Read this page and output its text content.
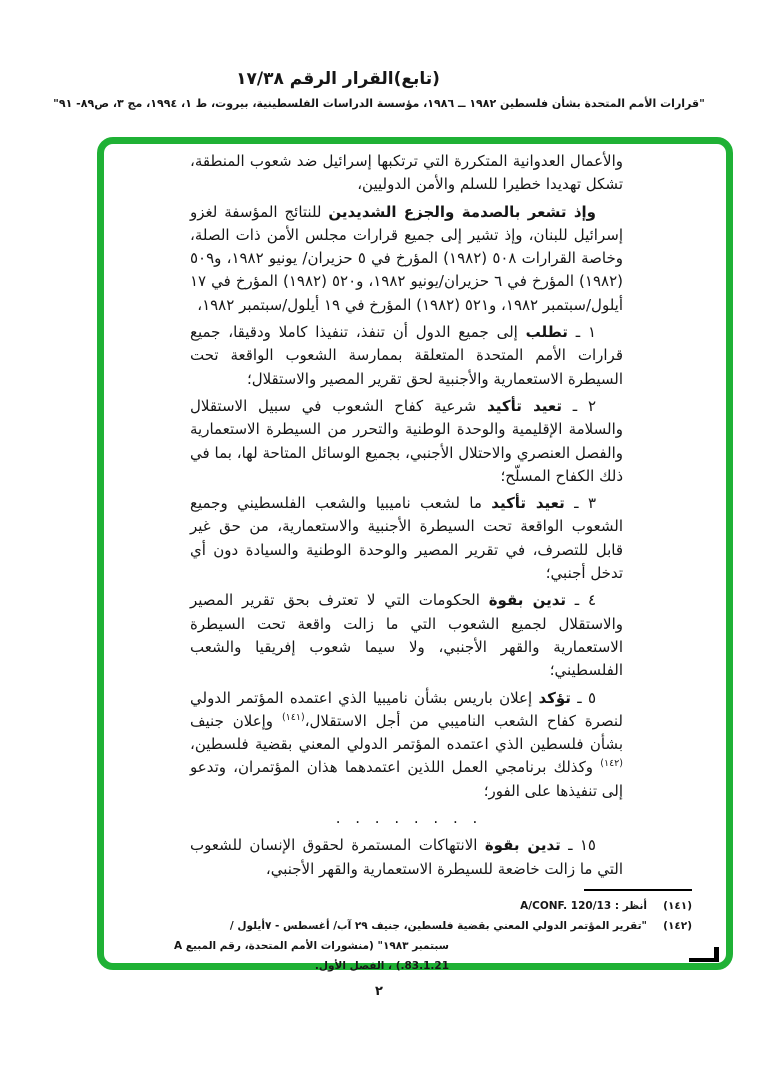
(تابع)القرار الرقم ١٧/٣٨
"قرارات الأمم المتحدة بشأن فلسطين ١٩٨٢ ــ ١٩٨٦، مؤسسة الدراسات الفلسطينية، بيروت، ط ١، ١٩٩٤، مج ٣، ص٨٩- ٩١"
والأعمال العدوانية المتكررة التي ترتكبها إسرائيل ضد شعوب المنطقة، تشكل تهديدا خطيرا للسلم والأمن الدوليين،
وإذ تشعر بالصدمة والجزع الشديدين للنتائج المؤسفة لغزو إسرائيل للبنان، وإذ تشير إلى جميع قرارات مجلس الأمن ذات الصلة، وخاصة القرارات ٥٠٨ (١٩٨٢) المؤرخ في ٥ حزيران/ يونيو ١٩٨٢، و٥٠٩ (١٩٨٢) المؤرخ في ٦ حزيران/يونيو ١٩٨٢، و٥٢٠ (١٩٨٢) المؤرخ في ١٧ أيلول/سبتمبر ١٩٨٢، و٥٢١ (١٩٨٢) المؤرخ في ١٩ أيلول/سبتمبر ١٩٨٢،
١ ـ تطلب إلى جميع الدول أن تنفذ، تنفيذا كاملا ودقيقا، جميع قرارات الأمم المتحدة المتعلقة بممارسة الشعوب الواقعة تحت السيطرة الاستعمارية والأجنبية لحق تقرير المصير والاستقلال؛
٢ ـ تعيد تأكيد شرعية كفاح الشعوب في سبيل الاستقلال والسلامة الإقليمية والوحدة الوطنية والتحرر من السيطرة الاستعمارية والفصل العنصري والاحتلال الأجنبي، بجميع الوسائل المتاحة لها، بما في ذلك الكفاح المسلّح؛
٣ ـ تعيد تأكيد ما لشعب ناميبيا والشعب الفلسطيني وجميع الشعوب الواقعة تحت السيطرة الأجنبية والاستعمارية، من حق غير قابل للتصرف، في تقرير المصير والوحدة الوطنية والسيادة دون أي تدخل أجنبي؛
٤ ـ تدين بقوة الحكومات التي لا تعترف بحق تقرير المصير والاستقلال لجميع الشعوب التي ما زالت واقعة تحت السيطرة الاستعمارية والقهر الأجنبي، ولا سيما شعوب إفريقيا والشعب الفلسطيني؛
٥ ـ تؤكد إعلان باريس بشأن ناميبيا الذي اعتمده المؤتمر الدولي لنصرة كفاح الشعب الناميبي من أجل الاستقلال،$^{(١٤١)}$ وإعلان جنيف بشأن فلسطين الذي اعتمده المؤتمر الدولي المعني بقضية فلسطين،$^{(١٤٢)}$ وكذلك برنامجي العمل اللذين اعتمدهما هذان المؤتمران، وتدعو إلى تنفيذها على الفور؛
. . . . . . . .
١٥ ـ تدين بقوة الانتهاكات المستمرة لحقوق الإنسان للشعوب التي ما زالت خاضعة للسيطرة الاستعمارية والقهر الأجنبي،
(١٤١)
أنظر : A/CONF. 120/13
(١٤٢)
"تقرير المؤتمر الدولي المعني بقضية فلسطين، جنيف ٢٩ آب/ أغسطس - ٧أيلول /
سبتمبر ١٩٨٣" (منشورات الأمم المتحدة، رقم المبيع A .83.1.21) ، الفصل الأول.
٢
